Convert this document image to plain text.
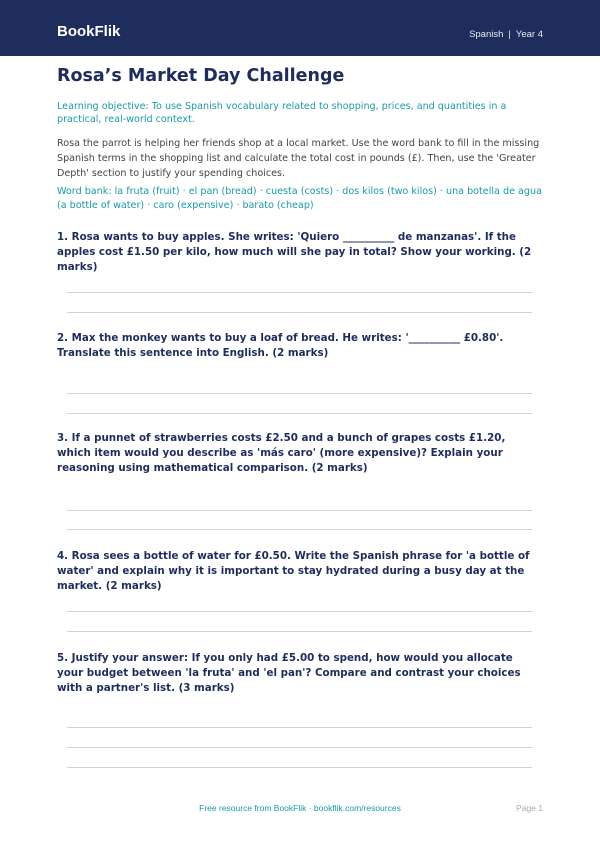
BookFlik	Spanish | Year 4
Rosa’s Market Day Challenge
Learning objective: To use Spanish vocabulary related to shopping, prices, and quantities in a practical, real-world context.
Rosa the parrot is helping her friends shop at a local market. Use the word bank to fill in the missing Spanish terms in the shopping list and calculate the total cost in pounds (£). Then, use the 'Greater Depth' section to justify your spending choices.
Word bank: la fruta (fruit) · el pan (bread) · cuesta (costs) · dos kilos (two kilos) · una botella de agua (a bottle of water) · caro (expensive) · barato (cheap)
1. Rosa wants to buy apples. She writes: 'Quiero __________ de manzanas'. If the apples cost £1.50 per kilo, how much will she pay in total? Show your working. (2 marks)
2. Max the monkey wants to buy a loaf of bread. He writes: '__________ £0.80'. Translate this sentence into English. (2 marks)
3. If a punnet of strawberries costs £2.50 and a bunch of grapes costs £1.20, which item would you describe as 'más caro' (more expensive)? Explain your reasoning using mathematical comparison. (2 marks)
4. Rosa sees a bottle of water for £0.50. Write the Spanish phrase for 'a bottle of water' and explain why it is important to stay hydrated during a busy day at the market. (2 marks)
5. Justify your answer: If you only had £5.00 to spend, how would you allocate your budget between 'la fruta' and 'el pan'? Compare and contrast your choices with a partner's list. (3 marks)
Free resource from BookFlik · bookflik.com/resources	Page 1
